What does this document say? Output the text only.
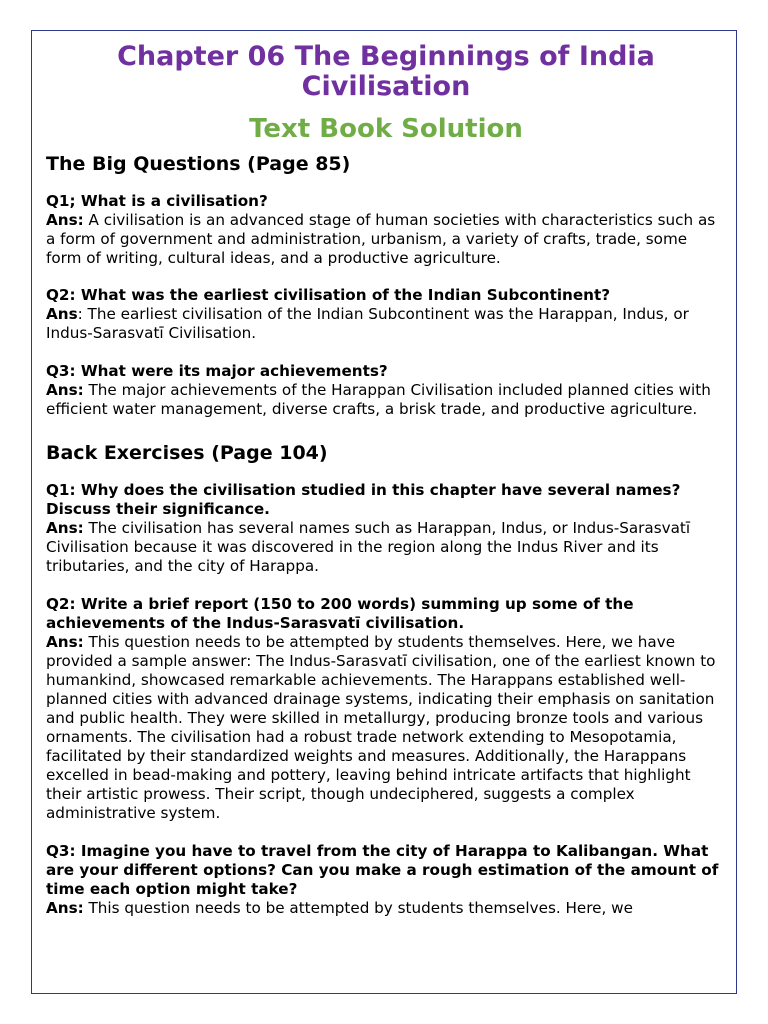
Chapter 06 The Beginnings of India Civilisation
Text Book Solution
The Big Questions (Page 85)

Q1; What is a civilisation?

Ans: A civilisation is an advanced stage of human societies with characteristics such as a form of government and administration, urbanism, a variety of crafts, trade, some form of writing, cultural ideas, and a productive agriculture.

Q2: What was the earliest civilisation of the Indian Subcontinent?

Ans: The earliest civilisation of the Indian Subcontinent was the Harappan, Indus, or Indus-Sarasvatī Civilisation.

Q3: What were its major achievements?

Ans: The major achievements of the Harappan Civilisation included planned cities with efficient water management, diverse crafts, a brisk trade, and productive agriculture.

Back Exercises (Page 104)

Q1: Why does the civilisation studied in this chapter have several names? Discuss their significance.

Ans: The civilisation has several names such as Harappan, Indus, or Indus-Sarasvatī Civilisation because it was discovered in the region along the Indus River and its tributaries, and the city of Harappa.

Q2: Write a brief report (150 to 200 words) summing up some of the achievements of the Indus-Sarasvatī civilisation.

Ans: This question needs to be attempted by students themselves. Here, we have provided a sample answer: The Indus-Sarasvatī civilisation, one of the earliest known to humankind, showcased remarkable achievements. The Harappans established well-planned cities with advanced drainage systems, indicating their emphasis on sanitation and public health. They were skilled in metallurgy, producing bronze tools and various ornaments. The civilisation had a robust trade network extending to Mesopotamia, facilitated by their standardized weights and measures. Additionally, the Harappans excelled in bead-making and pottery, leaving behind intricate artifacts that highlight their artistic prowess. Their script, though undeciphered, suggests a complex administrative system.

Q3: Imagine you have to travel from the city of Harappa to Kalibangan. What are your different options? Can you make a rough estimation of the amount of time each option might take?

Ans: This question needs to be attempted by students themselves. Here, we
